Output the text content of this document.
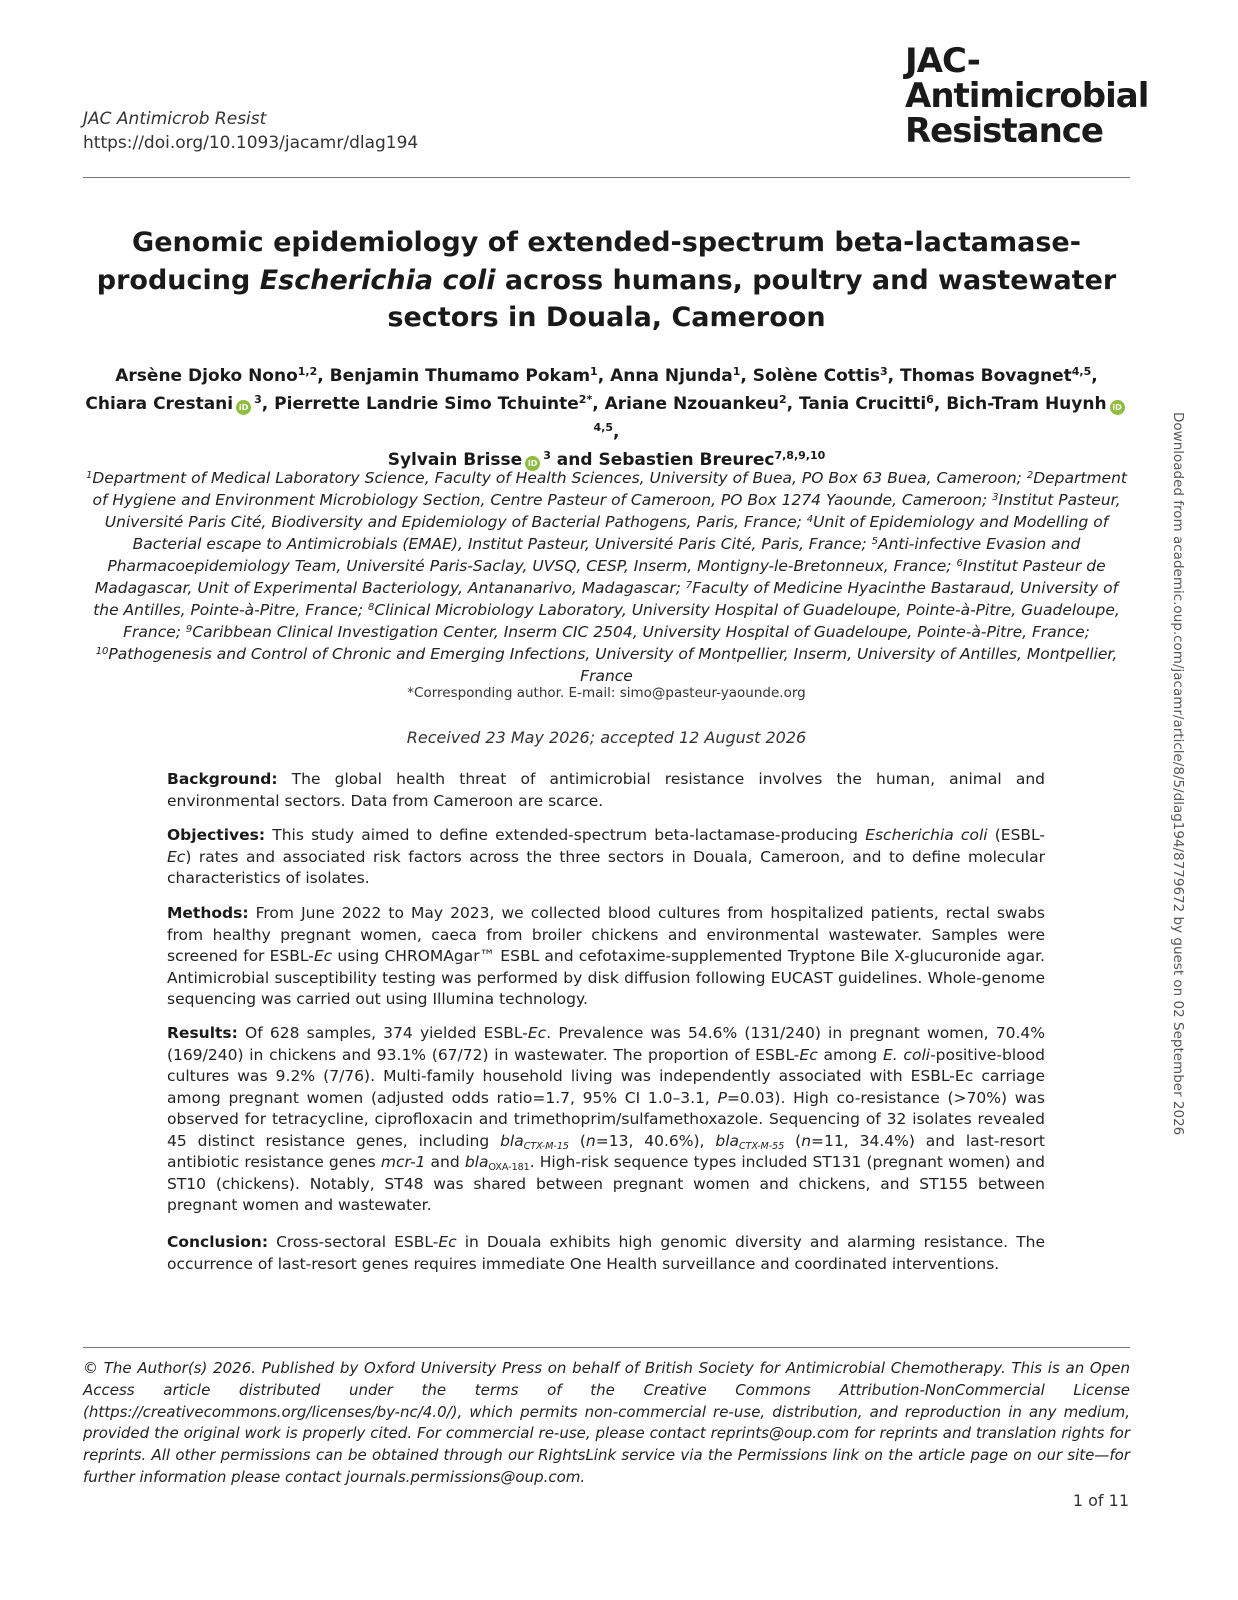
JAC Antimicrob Resist
https://doi.org/10.1093/jacamr/dlag194
JAC-
Antimicrobial
Resistance
Genomic epidemiology of extended-spectrum beta-lactamase-producing Escherichia coli across humans, poultry and wastewater sectors in Douala, Cameroon
Arsène Djoko Nono$^{1,2}$, Benjamin Thumamo Pokam$^1$, Anna Njunda$^1$, Solène Cottis$^3$, Thomas Bovagnet$^{4,5}$,
Chiara Crestani $iD^3$, Pierrette Landrie Simo Tchuinte$^{2*}$, Ariane Nzouankeu$^2$, Tania Crucitti$^6$, Bich-Tram Huynh iD$^{4,5}$,
Sylvain Brisse $iD^3$ and Sebastien Breurec$^{7,8,9,10}$
$^1$Department of Medical Laboratory Science, Faculty of Health Sciences, University of Buea, PO Box 63 Buea, Cameroon; $^2$Department of Hygiene and Environment Microbiology Section, Centre Pasteur of Cameroon, PO Box 1274 Yaounde, Cameroon; $^3$Institut Pasteur, Université Paris Cité, Biodiversity and Epidemiology of Bacterial Pathogens, Paris, France; $^4$Unit of Epidemiology and Modelling of Bacterial escape to Antimicrobials (EMAE), Institut Pasteur, Université Paris Cité, Paris, France; $^5$Anti-infective Evasion and Pharmacoepidemiology Team, Université Paris-Saclay, UVSQ, CESP, Inserm, Montigny-le-Bretonneux, France; $^6$Institut Pasteur de Madagascar, Unit of Experimental Bacteriology, Antananarivo, Madagascar; $^7$Faculty of Medicine Hyacinthe Bastaraud, University of the Antilles, Pointe-à-Pitre, France; $^8$Clinical Microbiology Laboratory, University Hospital of Guadeloupe, Pointe-à-Pitre, Guadeloupe, France; $^9$Caribbean Clinical Investigation Center, Inserm CIC 2504, University Hospital of Guadeloupe, Pointe-à-Pitre, France; $^{10}$Pathogenesis and Control of Chronic and Emerging Infections, University of Montpellier, Inserm, University of Antilles, Montpellier, France
*Corresponding author. E-mail: simo@pasteur-yaounde.org
Received 23 May 2026; accepted 12 August 2026
Background: The global health threat of antimicrobial resistance involves the human, animal and environmental sectors. Data from Cameroon are scarce.
Objectives: This study aimed to define extended-spectrum beta-lactamase-producing Escherichia coli (ESBL-Ec) rates and associated risk factors across the three sectors in Douala, Cameroon, and to define molecular characteristics of isolates.
Methods: From June 2022 to May 2023, we collected blood cultures from hospitalized patients, rectal swabs from healthy pregnant women, caeca from broiler chickens and environmental wastewater. Samples were screened for ESBL-Ec using CHROMAgar™ ESBL and cefotaxime-supplemented Tryptone Bile X-glucuronide agar. Antimicrobial susceptibility testing was performed by disk diffusion following EUCAST guidelines. Whole-genome sequencing was carried out using Illumina technology.
Results: Of 628 samples, 374 yielded ESBL-Ec. Prevalence was 54.6% (131/240) in pregnant women, 70.4% (169/240) in chickens and 93.1% (67/72) in wastewater. The proportion of ESBL-Ec among E. coli-positive-blood cultures was 9.2% (7/76). Multi-family household living was independently associated with ESBL-Ec carriage among pregnant women (adjusted odds ratio=1.7, 95% CI 1.0–3.1, P=0.03). High co-resistance (>70%) was observed for tetracycline, ciprofloxacin and trimethoprim/sulfamethoxazole. Sequencing of 32 isolates revealed 45 distinct resistance genes, including bla$_{CTX-M-15}$ (n=13, 40.6%), bla$_{CTX-M-55}$ (n=11, 34.4%) and last-resort antibiotic resistance genes mcr-1 and bla$_{OXA-181}$. High-risk sequence types included ST131 (pregnant women) and ST10 (chickens). Notably, ST48 was shared between pregnant women and chickens, and ST155 between pregnant women and wastewater.
Conclusion: Cross-sectoral ESBL-Ec in Douala exhibits high genomic diversity and alarming resistance. The occurrence of last-resort genes requires immediate One Health surveillance and coordinated interventions.
© The Author(s) 2026. Published by Oxford University Press on behalf of British Society for Antimicrobial Chemotherapy. This is an Open Access article distributed under the terms of the Creative Commons Attribution-NonCommercial License (https://creativecommons.org/licenses/by-nc/4.0/), which permits non-commercial re-use, distribution, and reproduction in any medium, provided the original work is properly cited. For commercial re-use, please contact reprints@oup.com for reprints and translation rights for reprints. All other permissions can be obtained through our RightsLink service via the Permissions link on the article page on our site—for further information please contact journals.permissions@oup.com.
1 of 11
Downloaded from academic.oup.com/jacamr/article/8/5/dlag194/8779672 by guest on 02 September 2026
